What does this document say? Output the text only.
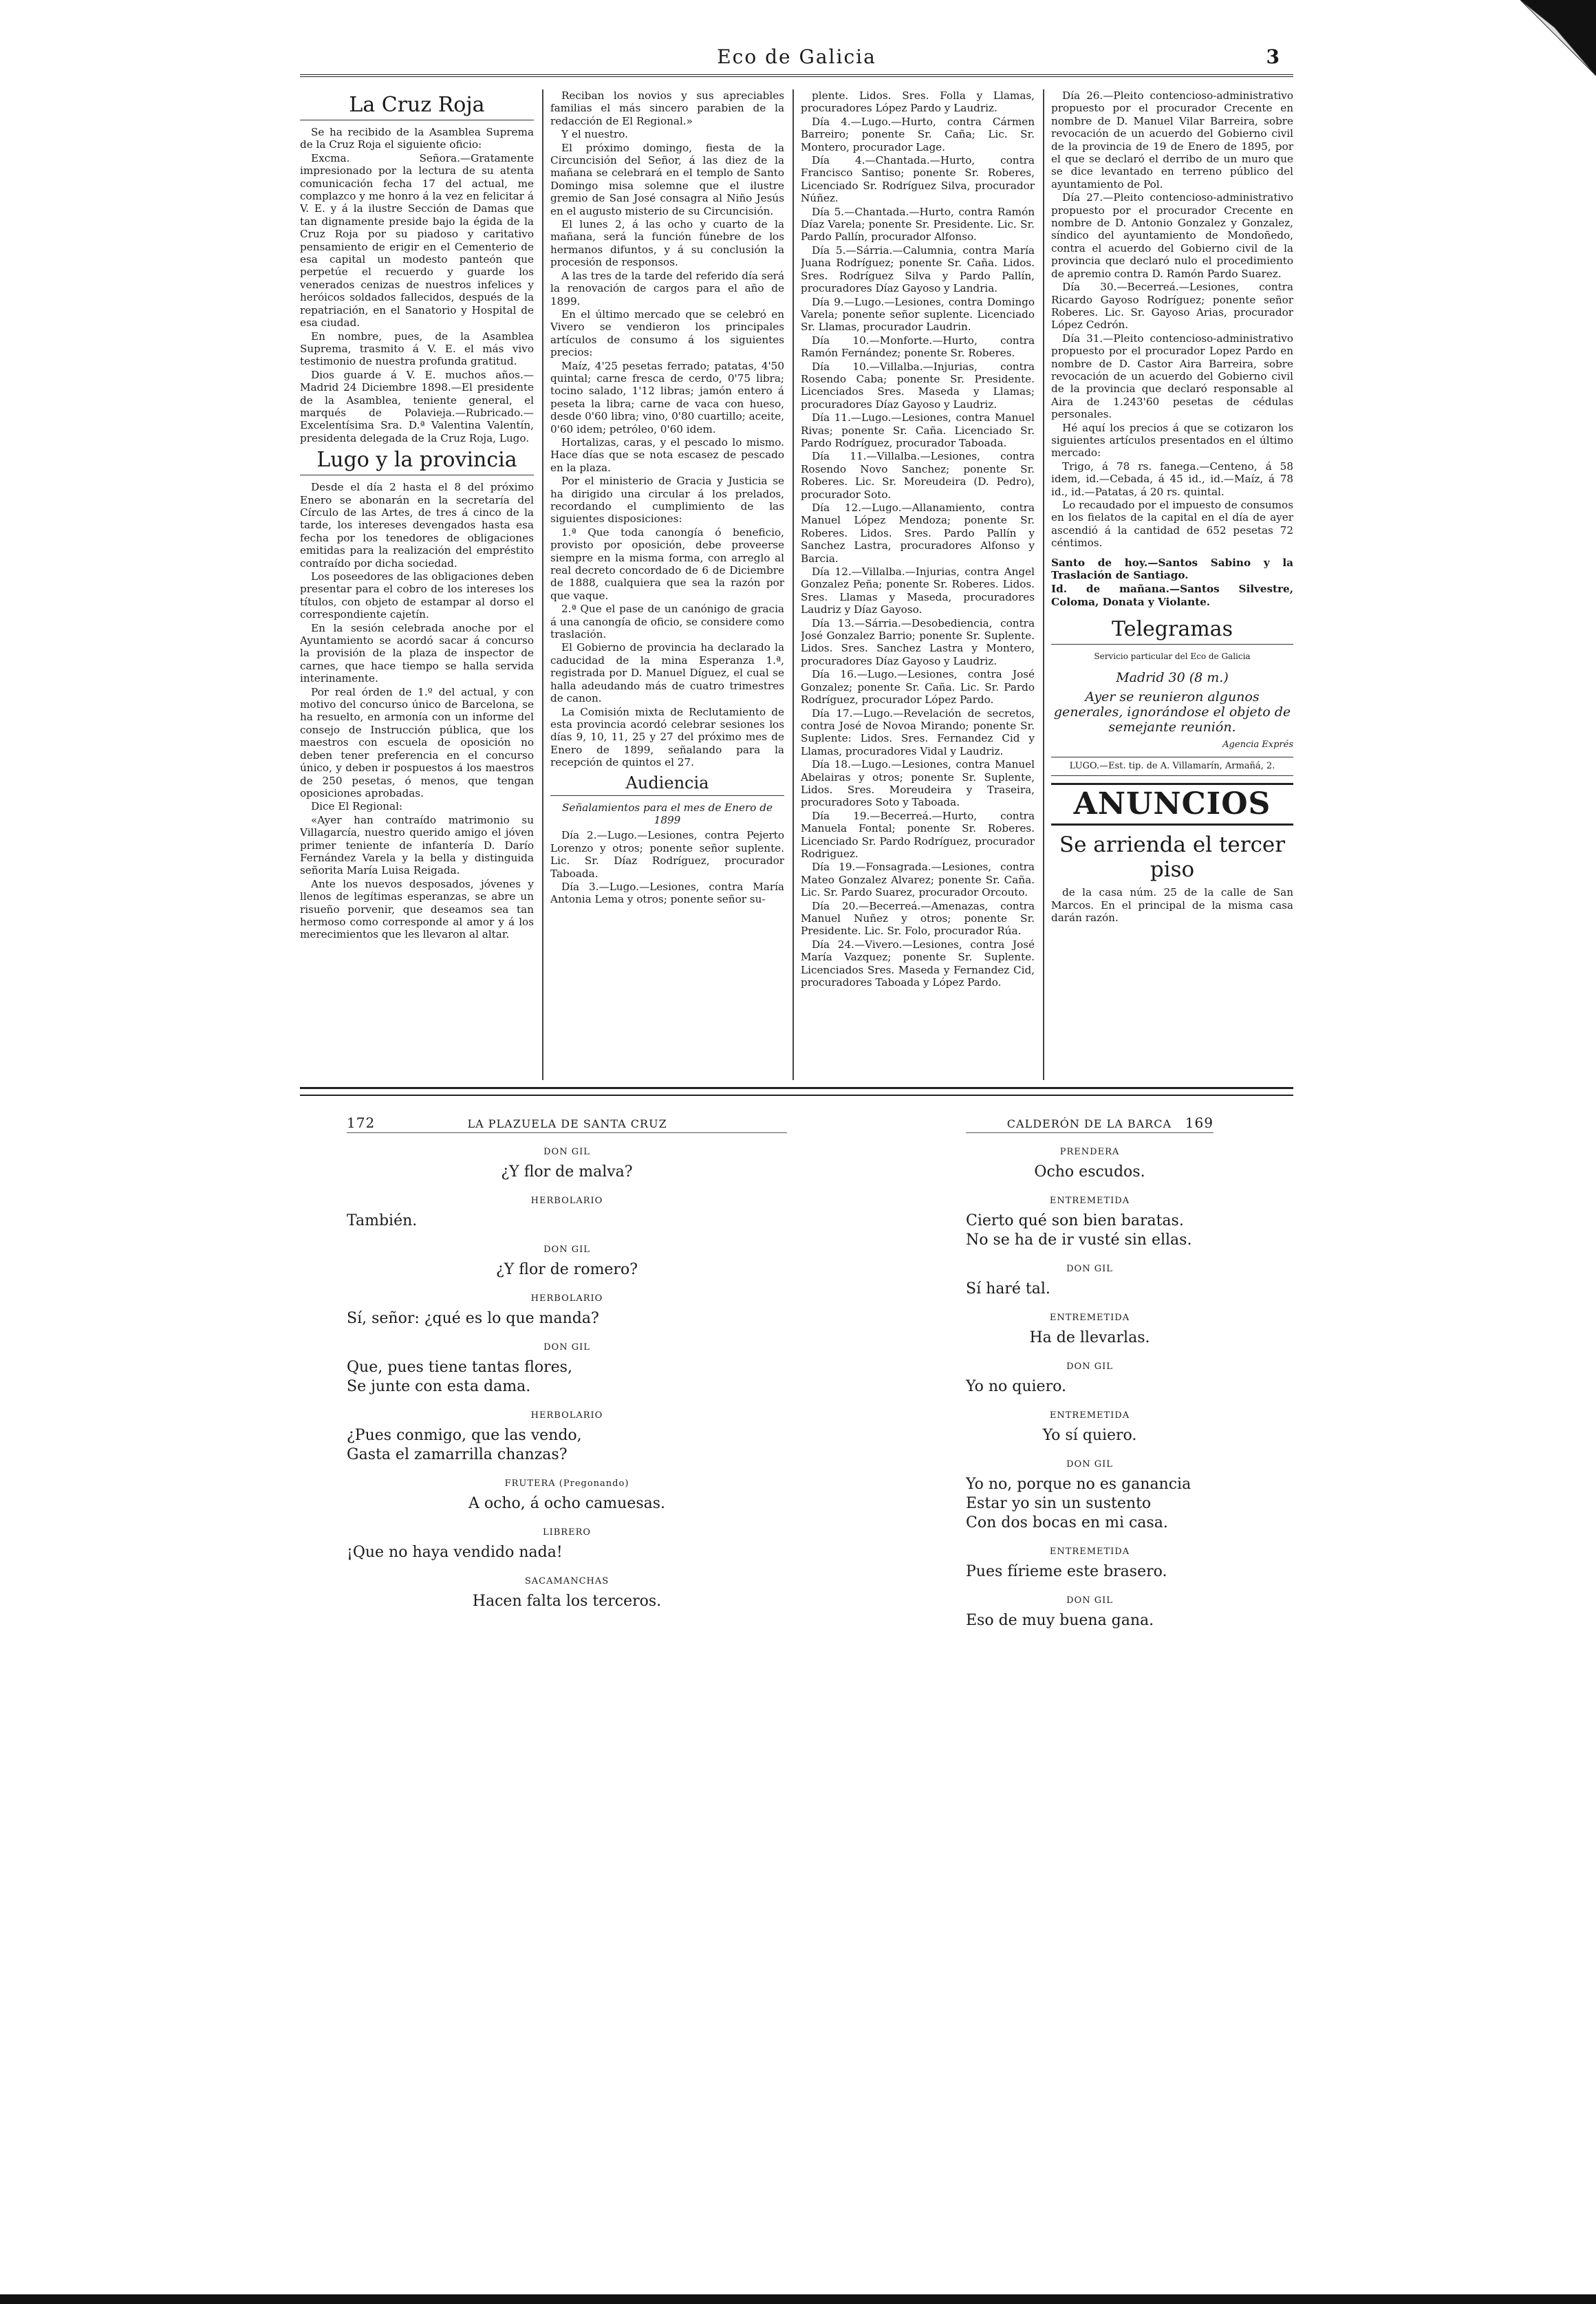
Eco de Galicia	3
La Cruz Roja

Se ha recibido de la Asamblea Suprema de la Cruz Roja el siguiente oficio:

Excma. Señora.—Gratamente impresionado por la lectura de su atenta comunicación fecha 17 del actual, me complazco y me honro á la vez en felicitar á V. E. y á la ilustre Sección de Damas que tan dignamente preside bajo la égida de la Cruz Roja por su piadoso y caritativo pensamiento de erigir en el Cementerio de esa capital un modesto panteón que perpetúe el recuerdo y guarde los venerados cenizas de nuestros infelices y heróicos soldados fallecidos, después de la repatriación, en el Sanatorio y Hospital de esa ciudad.

En nombre, pues, de la Asamblea Suprema, trasmito á V. E. el más vivo testimonio de nuestra profunda gratitud.

Dios guarde á V. E. muchos años.—Madrid 24 Diciembre 1898.—El presidente de la Asamblea, teniente general, el marqués de Polavieja.—Rubricado.—Excelentísima Sra. D.ª Valentina Valentín, presidenta delegada de la Cruz Roja, Lugo.

Lugo y la provincia

Desde el día 2 hasta el 8 del próximo Enero se abonarán en la secretaría del Círculo de las Artes, de tres á cinco de la tarde, los intereses devengados hasta esa fecha por los tenedores de obligaciones emitidas para la realización del empréstito contraído por dicha sociedad.

Los poseedores de las obligaciones deben presentar para el cobro de los intereses los títulos, con objeto de estampar al dorso el correspondiente cajetín.

En la sesión celebrada anoche por el Ayuntamiento se acordó sacar á concurso la provisión de la plaza de inspector de carnes, que hace tiempo se halla servida interinamente.

Por real órden de 1.º del actual, y con motivo del concurso único de Barcelona, se ha resuelto, en armonía con un informe del consejo de Instrucción pública, que los maestros con escuela de oposición no deben tener preferencia en el concurso único, y deben ir pospuestos á los maestros de 250 pesetas, ó menos, que tengan oposiciones aprobadas.

Dice El Regional:

«Ayer han contraído matrimonio su Villagarcía, nuestro querido amigo el jóven primer teniente de infantería D. Darío Fernández Varela y la bella y distinguida señorita María Luisa Reigada.

Ante los nuevos desposados, jóvenes y llenos de legítimas esperanzas, se abre un risueño porvenir, que deseamos sea tan hermoso como corresponde al amor y á los merecimientos que les llevaron al altar.

Reciban los novios y sus apreciables familias el más sincero parabien de la redacción de El Regional.»

Y el nuestro.

El próximo domingo, fiesta de la Circuncisión del Señor, á las diez de la mañana se celebrará en el templo de Santo Domingo misa solemne que el ilustre gremio de San José consagra al Niño Jesús en el augusto misterio de su Circuncisión.

El lunes 2, á las ocho y cuarto de la mañana, será la función fúnebre de los hermanos difuntos, y á su conclusión la procesión de responsos.

A las tres de la tarde del referido día será la renovación de cargos para el año de 1899.

En el último mercado que se celebró en Vivero se vendieron los principales artículos de consumo á los siguientes precios:

Maíz, 4'25 pesetas ferrado; patatas, 4'50 quintal; carne fresca de cerdo, 0'75 libra; tocino salado, 1'12 libras; jamón entero á peseta la libra; carne de vaca con hueso, desde 0'60 libra; vino, 0'80 cuartillo; aceite, 0'60 idem; petróleo, 0'60 idem.

Hortalizas, caras, y el pescado lo mismo. Hace días que se nota escasez de pescado en la plaza.

Por el ministerio de Gracia y Justicia se ha dirigido una circular á los prelados, recordando el cumplimiento de las siguientes disposiciones:

1.ª Que toda canongía ó beneficio, provisto por oposición, debe proveerse siempre en la misma forma, con arreglo al real decreto concordado de 6 de Diciembre de 1888, cualquiera que sea la razón por que vaque.

2.ª Que el pase de un canónigo de gracia á una canongía de oficio, se considere como traslación.

El Gobierno de provincia ha declarado la caducidad de la mina Esperanza 1.ª, registrada por D. Manuel Díguez, el cual se halla adeudando más de cuatro trimestres de canon.

La Comisión mixta de Reclutamiento de esta provincia acordó celebrar sesiones los días 9, 10, 11, 25 y 27 del próximo mes de Enero de 1899, señalando para la recepción de quintos el 27.

Audiencia
Señalamientos para el mes de Enero de 1899

Día 2.—Lugo.—Lesiones, contra Pejerto Lorenzo y otros; ponente señor suplente. Lic. Sr. Díaz Rodríguez, procurador Taboada.

Día 3.—Lugo.—Lesiones, contra María Antonia Lema y otros; ponente señor su-

plente. Lidos. Sres. Folla y Llamas, procuradores López Pardo y Laudriz.

Día 4.—Lugo.—Hurto, contra Cármen Barreiro; ponente Sr. Caña; Lic. Sr. Montero, procurador Lage.

Día 4.—Chantada.—Hurto, contra Francisco Santiso; ponente Sr. Roberes, Licenciado Sr. Rodríguez Silva, procurador Núñez.

Día 5.—Chantada.—Hurto, contra Ramón Díaz Varela; ponente Sr. Presidente. Lic. Sr. Pardo Pallín, procurador Alfonso.

Día 5.—Sárria.—Calumnia, contra María Juana Rodríguez; ponente Sr. Caña. Lidos. Sres. Rodríguez Silva y Pardo Pallín, procuradores Díaz Gayoso y Landria.

Día 9.—Lugo.—Lesiones, contra Domingo Varela; ponente señor suplente. Licenciado Sr. Llamas, procurador Laudrin.

Día 10.—Monforte.—Hurto, contra Ramón Fernández; ponente Sr. Roberes.

Día 10.—Villalba.—Injurias, contra Rosendo Caba; ponente Sr. Presidente. Licenciados Sres. Maseda y Llamas; procuradores Díaz Gayoso y Laudriz.

Día 11.—Lugo.—Lesiones, contra Manuel Rivas; ponente Sr. Caña. Licenciado Sr. Pardo Rodríguez, procurador Taboada.

Día 11.—Villalba.—Lesiones, contra Rosendo Novo Sanchez; ponente Sr. Roberes. Lic. Sr. Moreudeira (D. Pedro), procurador Soto.

Día 12.—Lugo.—Allanamiento, contra Manuel López Mendoza; ponente Sr. Roberes. Lidos. Sres. Pardo Pallín y Sanchez Lastra, procuradores Alfonso y Barcia.

Día 12.—Villalba.—Injurias, contra Angel Gonzalez Peña; ponente Sr. Roberes. Lidos. Sres. Llamas y Maseda, procuradores Laudriz y Díaz Gayoso.

Día 13.—Sárria.—Desobediencia, contra José Gonzalez Barrio; ponente Sr. Suplente. Lidos. Sres. Sanchez Lastra y Montero, procuradores Díaz Gayoso y Laudriz.

Día 16.—Lugo.—Lesiones, contra José Gonzalez; ponente Sr. Caña. Lic. Sr. Pardo Rodríguez, procurador López Pardo.

Día 17.—Lugo.—Revelación de secretos, contra José de Novoa Mirando; ponente Sr. Suplente: Lidos. Sres. Fernandez Cid y Llamas, procuradores Vidal y Laudriz.

Día 18.—Lugo.—Lesiones, contra Manuel Abelairas y otros; ponente Sr. Suplente, Lidos. Sres. Moreudeira y Traseira, procuradores Soto y Taboada.

Día 19.—Becerreá.—Hurto, contra Manuela Fontal; ponente Sr. Roberes. Licenciado Sr. Pardo Rodríguez, procurador Rodriguez.

Día 19.—Fonsagrada.—Lesiones, contra Mateo Gonzalez Alvarez; ponente Sr. Caña. Lic. Sr. Pardo Suarez, procurador Orcouto.

Día 20.—Becerreá.—Amenazas, contra Manuel Nuñez y otros; ponente Sr. Presidente. Lic. Sr. Folo, procurador Rúa.

Día 24.—Vivero.—Lesiones, contra José María Vazquez; ponente Sr. Suplente. Licenciados Sres. Maseda y Fernandez Cid, procuradores Taboada y López Pardo.

Día 26.—Pleito contencioso-administrativo propuesto por el procurador Crecente en nombre de D. Manuel Vilar Barreira, sobre revocación de un acuerdo del Gobierno civil de la provincia de 19 de Enero de 1895, por el que se declaró el derribo de un muro que se dice levantado en terreno público del ayuntamiento de Pol.

Día 27.—Pleito contencioso-administrativo propuesto por el procurador Crecente en nombre de D. Antonio Gonzalez y Gonzalez, síndico del ayuntamiento de Mondoñedo, contra el acuerdo del Gobierno civil de la provincia que declaró nulo el procedimiento de apremio contra D. Ramón Pardo Suarez.

Día 30.—Becerreá.—Lesiones, contra Ricardo Gayoso Rodríguez; ponente señor Roberes. Lic. Sr. Gayoso Arias, procurador López Cedrón.

Día 31.—Pleito contencioso-administrativo propuesto por el procurador Lopez Pardo en nombre de D. Castor Aira Barreira, sobre revocación de un acuerdo del Gobierno civil de la provincia que declaró responsable al Aira de 1.243'60 pesetas de cédulas personales.

Hé aquí los precios á que se cotizaron los siguientes artículos presentados en el último mercado:

Trigo, á 78 rs. fanega.—Centeno, á 58 idem, id.—Cebada, á 45 id., id.—Maíz, á 78 id., id.—Patatas, á 20 rs. quintal.

Lo recaudado por el impuesto de consumos en los fielatos de la capital en el día de ayer ascendió á la cantidad de 652 pesetas 72 céntimos.

Santo de hoy.—Santos Sabino y la Traslación de Santiago.

Id. de mañana.—Santos Silvestre, Coloma, Donata y Violante.

Telegramas
Servicio particular del Eco de Galicia
Madrid 30 (8 m.)
Ayer se reunieron algunos generales, ignorándose el objeto de semejante reunión.
Agencia Exprés
LUGO.—Est. tip. de A. Villamarín, Armañá, 2.
ANUNCIOS
Se arrienda el tercer piso

de la casa núm. 25 de la calle de San Marcos. En el principal de la misma casa darán razón.

172	LA PLAZUELA DE SANTA CRUZ
DON GIL
¿Y flor de malva?
HERBOLARIO
También.
DON GIL
¿Y flor de romero?
HERBOLARIO
Sí, señor: ¿qué es lo que manda?
DON GIL
Que, pues tiene tantas flores,
Se junte con esta dama.
HERBOLARIO
¿Pues conmigo, que las vendo,
Gasta el zamarrilla chanzas?
FRUTERA (Pregonando)
A ocho, á ocho camuesas.
LIBRERO
¡Que no haya vendido nada!
SACAMANCHAS
Hacen falta los terceros.
CALDERÓN DE LA BARCA 169
PRENDERA
Ocho escudos.
ENTREMETIDA
Cierto qué son bien baratas.
No se ha de ir vusté sin ellas.
DON GIL
Sí haré tal.
ENTREMETIDA
Ha de llevarlas.
DON GIL
Yo no quiero.
ENTREMETIDA
Yo sí quiero.
DON GIL
Yo no, porque no es ganancia
Estar yo sin un sustento
Con dos bocas en mi casa.
ENTREMETIDA
Pues fírieme este brasero.
DON GIL
Eso de muy buena gana.
